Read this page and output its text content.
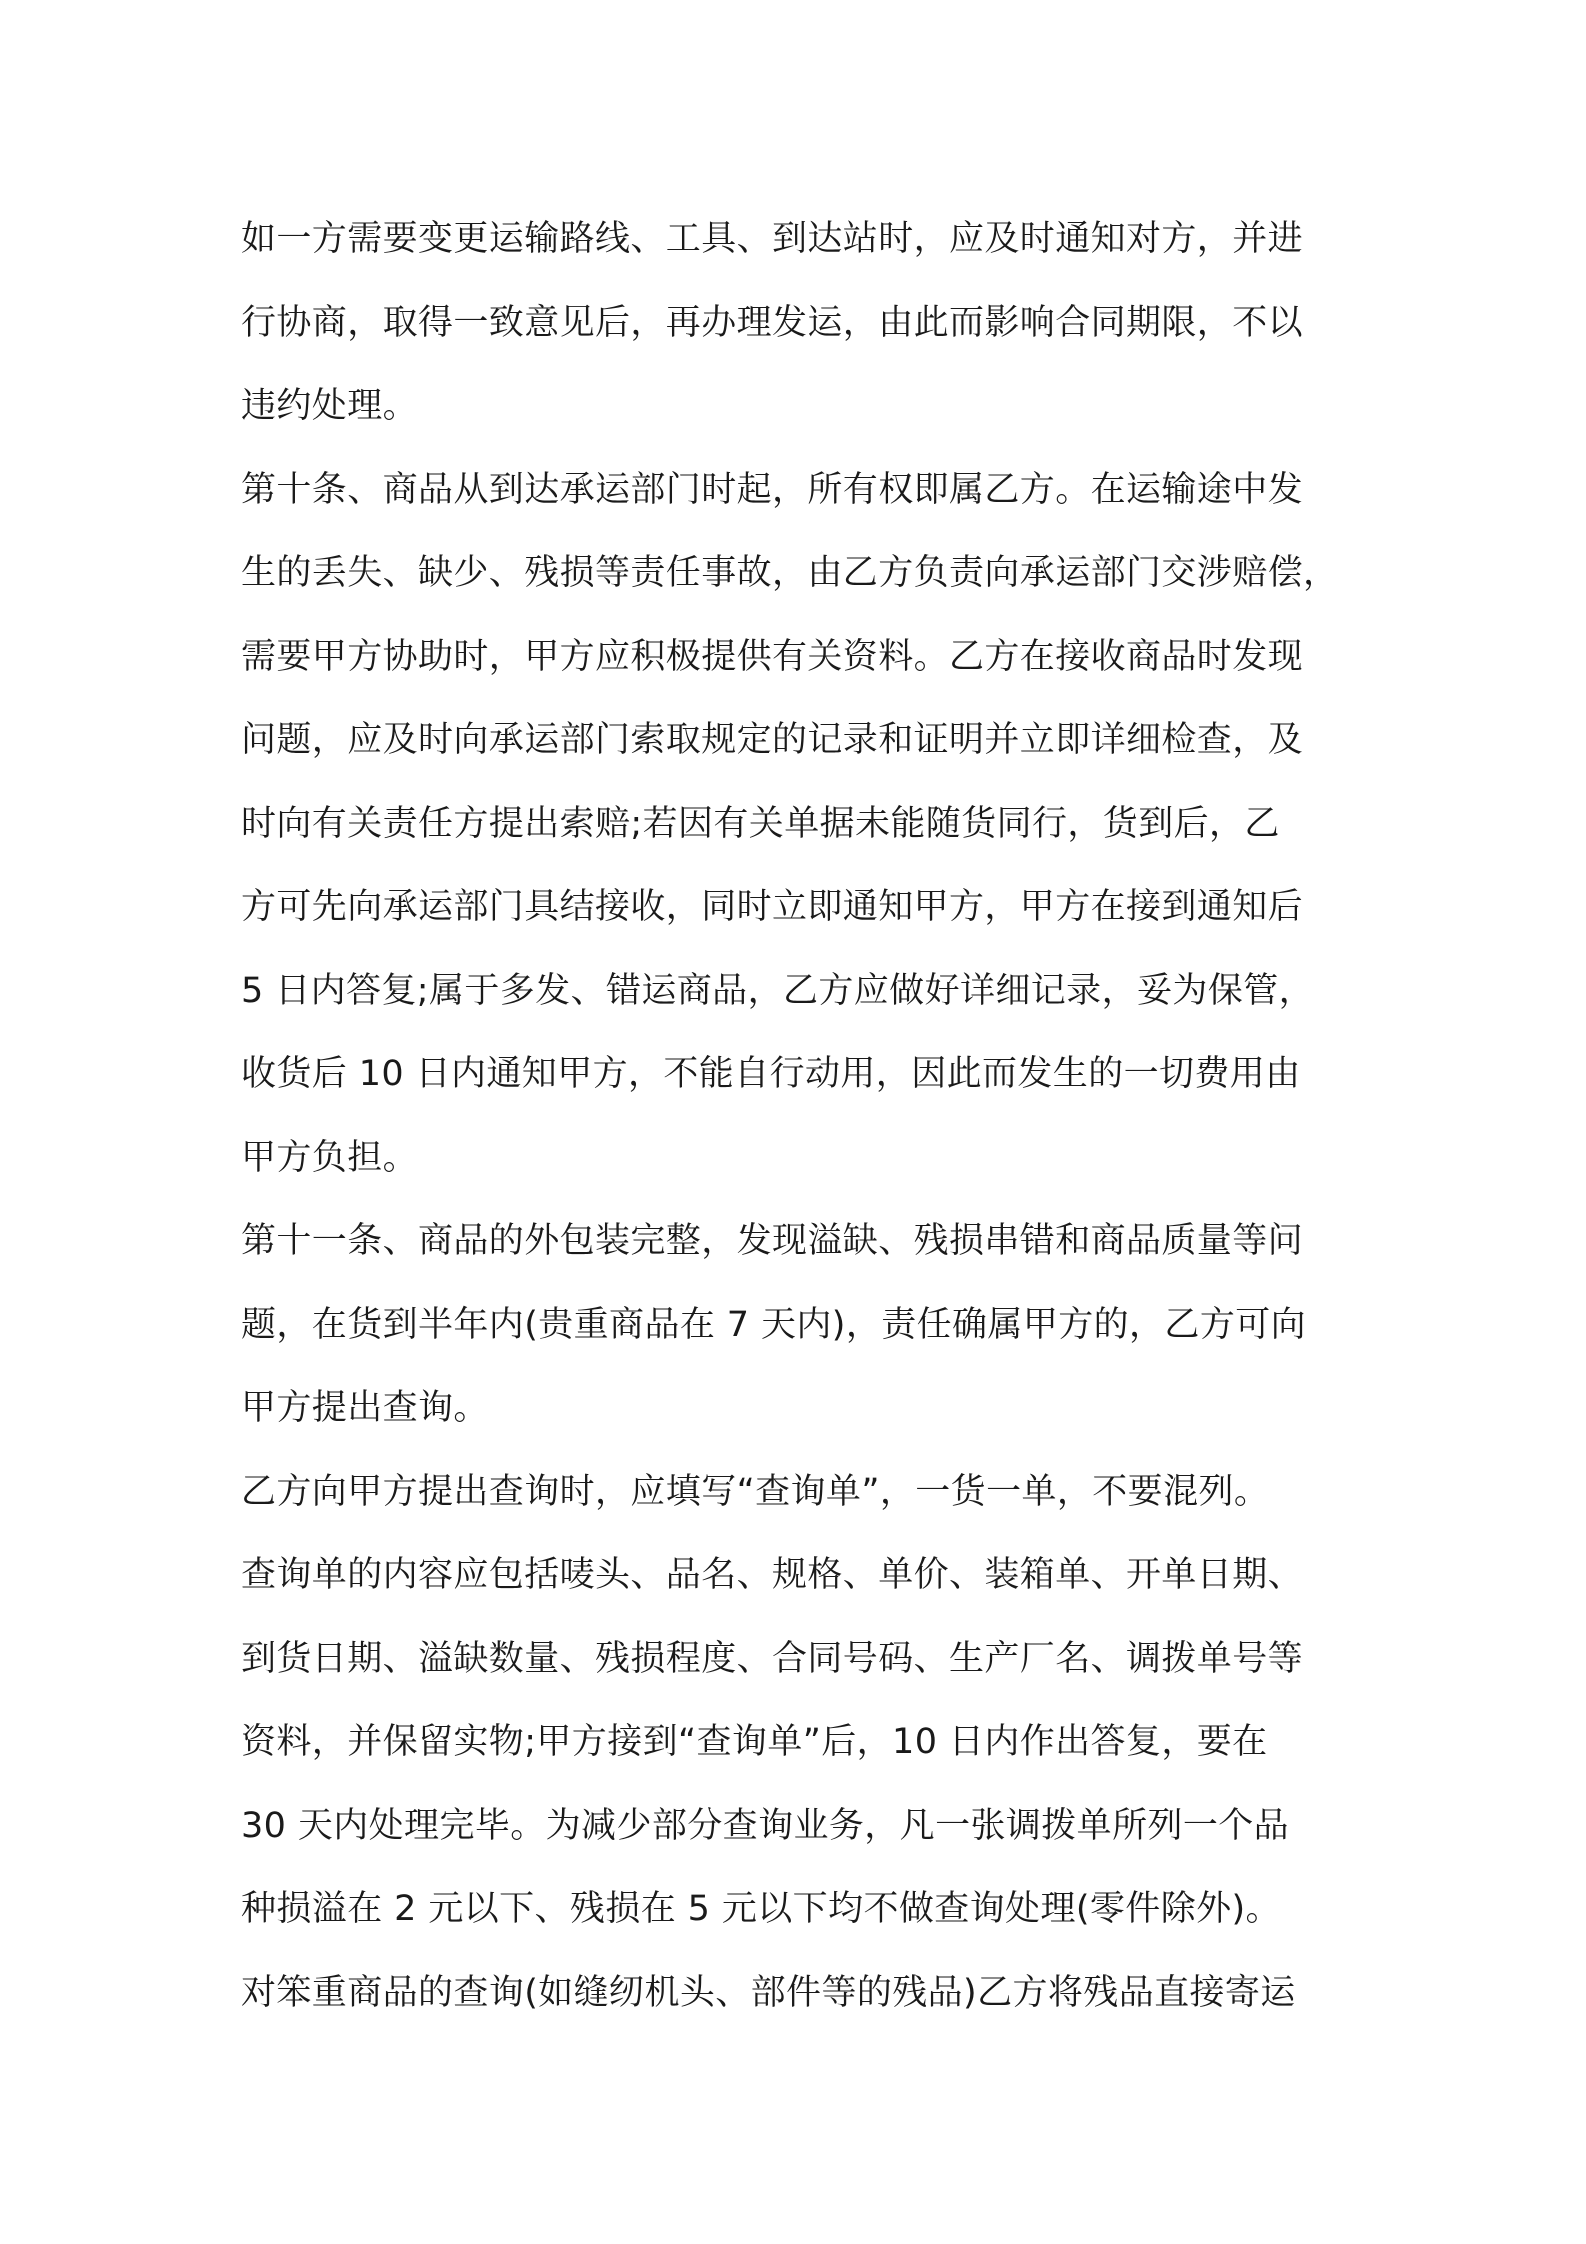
如一方需要变更运输路线、工具、到达站时，应及时通知对方，并进
行协商，取得一致意见后，再办理发运，由此而影响合同期限，不以
违约处理。
第十条、商品从到达承运部门时起，所有权即属乙方。在运输途中发
生的丢失、缺少、残损等责任事故，由乙方负责向承运部门交涉赔偿，
需要甲方协助时，甲方应积极提供有关资料。乙方在接收商品时发现
问题，应及时向承运部门索取规定的记录和证明并立即详细检查，及
时向有关责任方提出索赔;若因有关单据未能随货同行，货到后，乙
方可先向承运部门具结接收，同时立即通知甲方，甲方在接到通知后
5 日内答复;属于多发、错运商品，乙方应做好详细记录，妥为保管，
收货后 10 日内通知甲方，不能自行动用，因此而发生的一切费用由
甲方负担。
第十一条、商品的外包装完整，发现溢缺、残损串错和商品质量等问
题，在货到半年内(贵重商品在 7 天内)，责任确属甲方的，乙方可向
甲方提出查询。
乙方向甲方提出查询时，应填写“查询单”，一货一单，不要混列。
查询单的内容应包括唛头、品名、规格、单价、装箱单、开单日期、
到货日期、溢缺数量、残损程度、合同号码、生产厂名、调拨单号等
资料，并保留实物;甲方接到“查询单”后，10 日内作出答复，要在
30 天内处理完毕。为减少部分查询业务，凡一张调拨单所列一个品
种损溢在 2 元以下、残损在 5 元以下均不做查询处理(零件除外)。
对笨重商品的查询(如缝纫机头、部件等的残品)乙方将残品直接寄运
